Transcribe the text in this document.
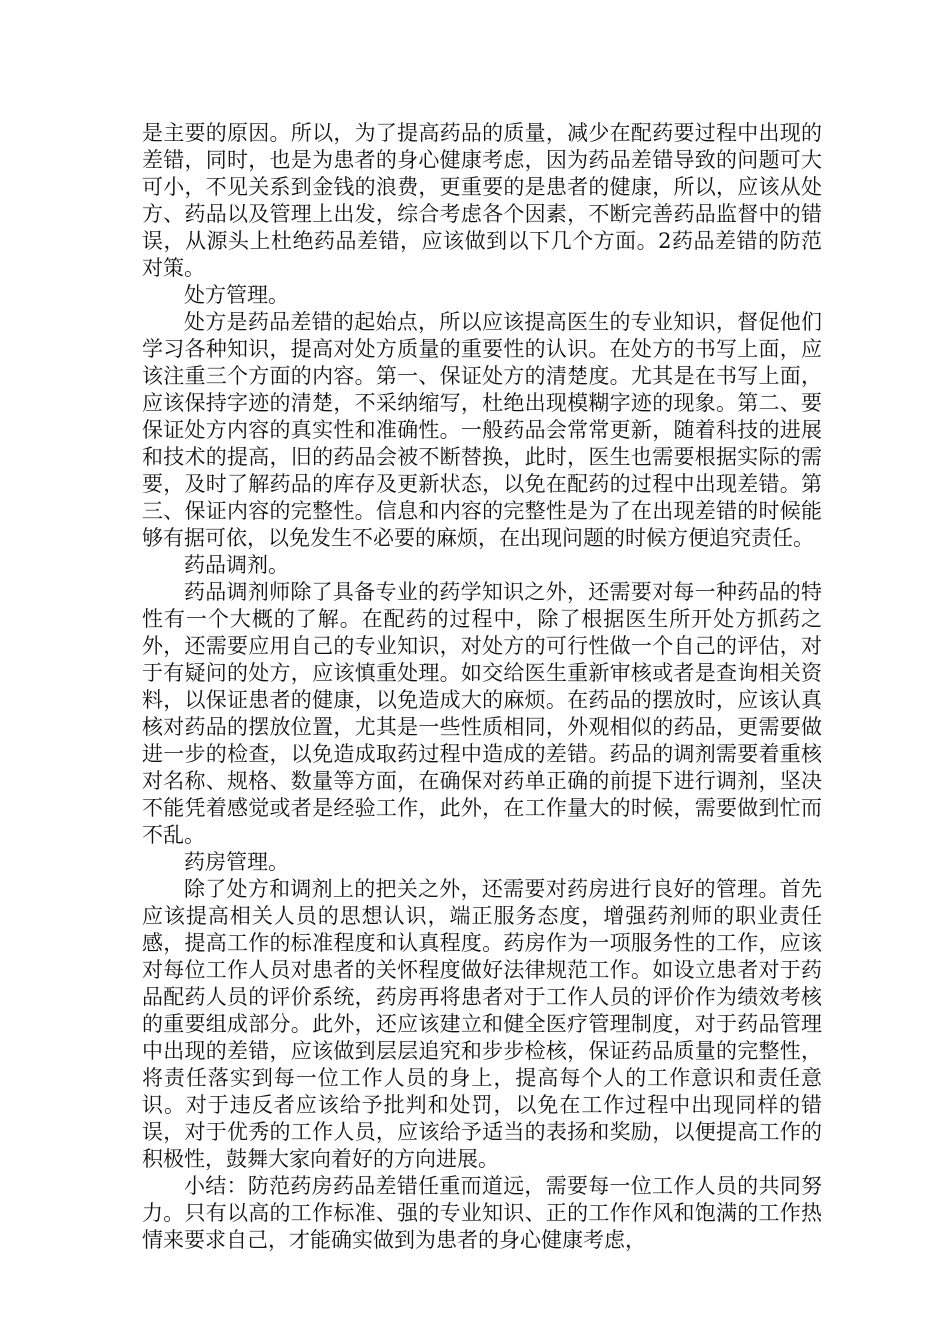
是主要的原因。所以，为了提高药品的质量，减少在配药要过程中出现的差错，同时，也是为患者的身心健康考虑，因为药品差错导致的问题可大可小，不见关系到金钱的浪费，更重要的是患者的健康，所以，应该从处方、药品以及管理上出发，综合考虑各个因素，不断完善药品监督中的错误，从源头上杜绝药品差错，应该做到以下几个方面。2药品差错的防范对策。

处方管理。

处方是药品差错的起始点，所以应该提高医生的专业知识，督促他们学习各种知识，提高对处方质量的重要性的认识。在处方的书写上面，应该注重三个方面的内容。第一、保证处方的清楚度。尤其是在书写上面，应该保持字迹的清楚，不采纳缩写，杜绝出现模糊字迹的现象。第二、要保证处方内容的真实性和准确性。一般药品会常常更新，随着科技的进展和技术的提高，旧的药品会被不断替换，此时，医生也需要根据实际的需要，及时了解药品的库存及更新状态，以免在配药的过程中出现差错。第三、保证内容的完整性。信息和内容的完整性是为了在出现差错的时候能够有据可依，以免发生不必要的麻烦，在出现问题的时候方便追究责任。

药品调剂。

药品调剂师除了具备专业的药学知识之外，还需要对每一种药品的特性有一个大概的了解。在配药的过程中，除了根据医生所开处方抓药之外，还需要应用自己的专业知识，对处方的可行性做一个自己的评估，对于有疑问的处方，应该慎重处理。如交给医生重新审核或者是查询相关资料，以保证患者的健康，以免造成大的麻烦。在药品的摆放时，应该认真核对药品的摆放位置，尤其是一些性质相同，外观相似的药品，更需要做进一步的检查，以免造成取药过程中造成的差错。药品的调剂需要着重核对名称、规格、数量等方面，在确保对药单正确的前提下进行调剂，坚决不能凭着感觉或者是经验工作，此外，在工作量大的时候，需要做到忙而不乱。

药房管理。

除了处方和调剂上的把关之外，还需要对药房进行良好的管理。首先应该提高相关人员的思想认识，端正服务态度，增强药剂师的职业责任感，提高工作的标准程度和认真程度。药房作为一项服务性的工作，应该对每位工作人员对患者的关怀程度做好法律规范工作。如设立患者对于药品配药人员的评价系统，药房再将患者对于工作人员的评价作为绩效考核的重要组成部分。此外，还应该建立和健全医疗管理制度，对于药品管理中出现的差错，应该做到层层追究和步步检核，保证药品质量的完整性，将责任落实到每一位工作人员的身上，提高每个人的工作意识和责任意识。对于违反者应该给予批判和处罚，以免在工作过程中出现同样的错误，对于优秀的工作人员，应该给予适当的表扬和奖励，以便提高工作的积极性，鼓舞大家向着好的方向进展。

小结：防范药房药品差错任重而道远，需要每一位工作人员的共同努力。只有以高的工作标准、强的专业知识、正的工作作风和饱满的工作热情来要求自己，才能确实做到为患者的身心健康考虑，
